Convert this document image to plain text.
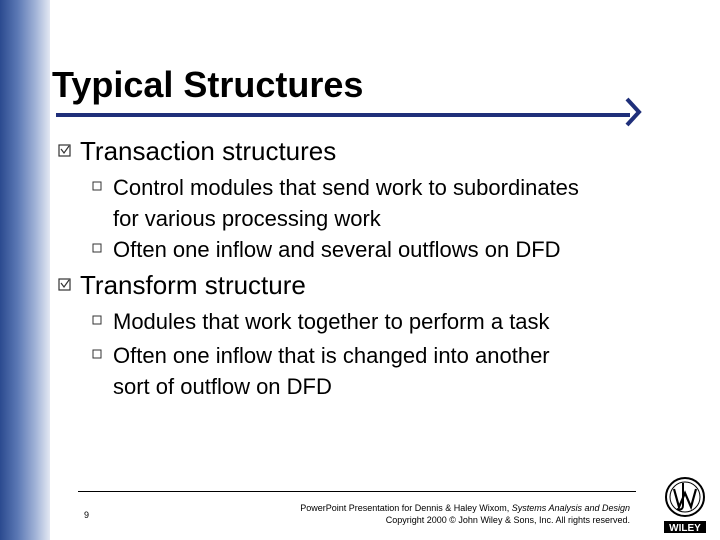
Typical Structures
Transaction structures
Control modules that send work to subordinates
for various processing work
Often one inflow and several outflows on DFD
Transform structure
Modules that work together to perform a task
Often one inflow that is changed into another
sort of outflow on DFD
9
PowerPoint Presentation for Dennis & Haley Wixom, Systems Analysis and Design
Copyright 2000 © John Wiley & Sons, Inc. All rights reserved.
WILEY
